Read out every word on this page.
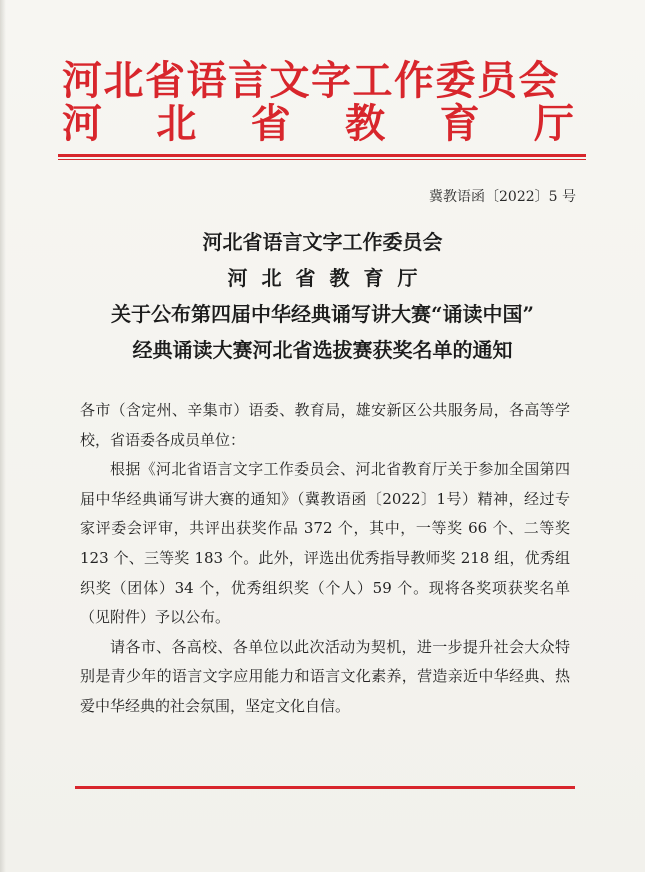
河北省语言文字工作委员会
河 北 省 教 育 厅
冀教语函〔2022〕5 号
河北省语言文字工作委员会
河北省教育厅
关于公布第四届中华经典诵写讲大赛“诵读中国”
经典诵读大赛河北省选拔赛获奖名单的通知

各市（含定州、辛集市）语委、教育局，雄安新区公共服务局，各高等学校，省语委各成员单位：

根据《河北省语言文字工作委员会、河北省教育厅关于参加全国第四届中华经典诵写讲大赛的通知》（冀教语函〔2022〕1号）精神，经过专家评委会评审，共评出获奖作品 372 个，其中，一等奖 66 个、二等奖 123 个、三等奖 183 个。此外，评选出优秀指导教师奖 218 组，优秀组织奖（团体）34 个，优秀组织奖（个人）59 个。现将各奖项获奖名单（见附件）予以公布。

请各市、各高校、各单位以此次活动为契机，进一步提升社会大众特别是青少年的语言文字应用能力和语言文化素养，营造亲近中华经典、热爱中华经典的社会氛围，坚定文化自信。
